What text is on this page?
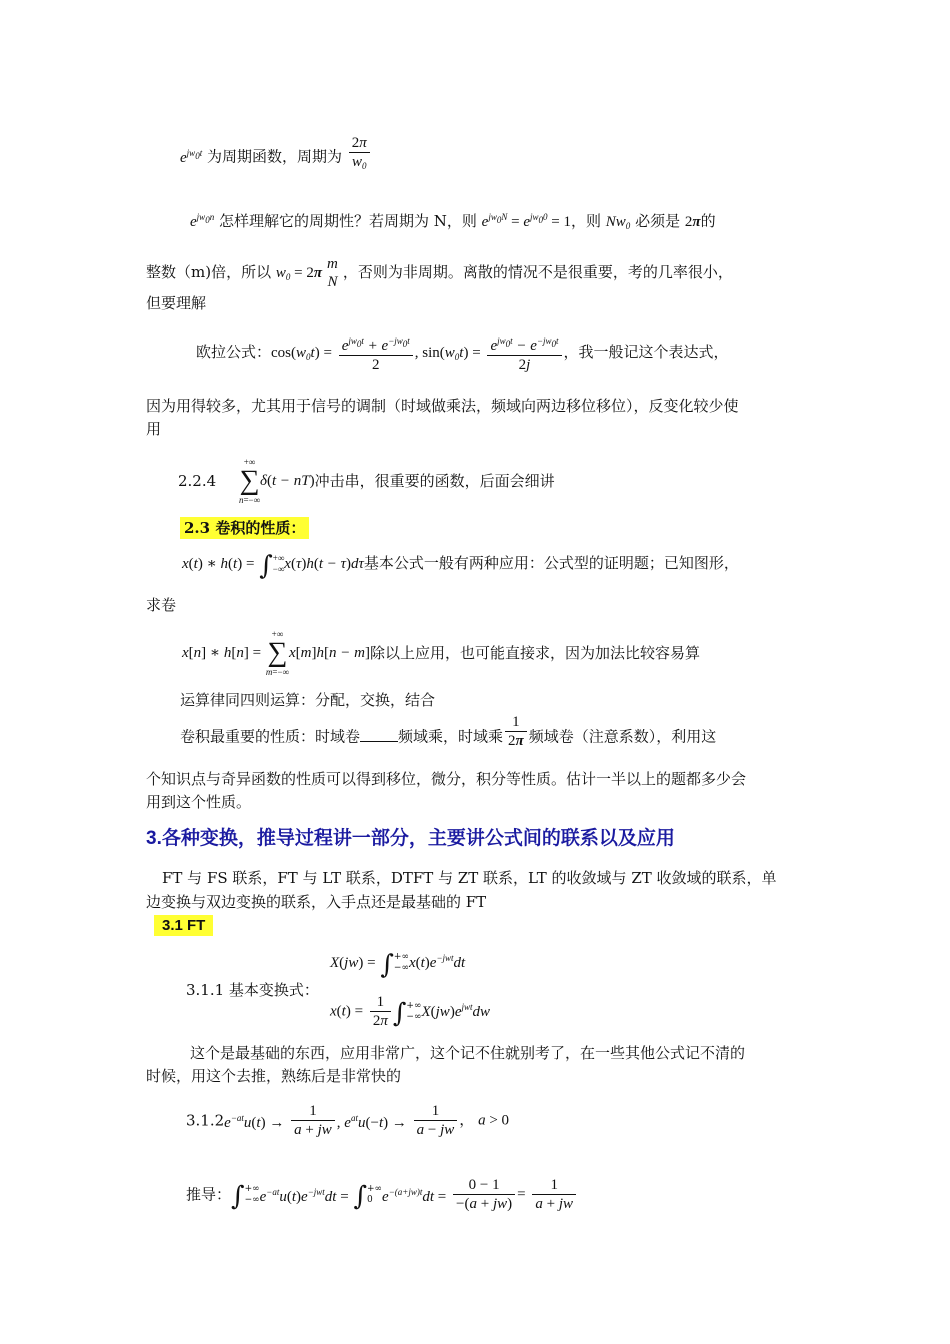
$e^{jw_0t}$ 为周期函数，周期为 $\frac{2\pi}{w_0}$
$e^{jw_0n}$ 怎样理解它的周期性？若周期为 N，则 $e^{jw_0N} = e^{jw_00} = 1$，则 $Nw_0$ 必须是 2π的
整数（m)倍，所以 $w_0 = 2\pi$
m
N
，否则为非周期。离散的情况不是很重要，考的几率很小，
但要理解
欧拉公式：$\cos(w_0t) = \frac{e^{jw_0t} + e^{-jw_0t}}{2}$ , $\sin(w_0t) = \frac{e^{jw_0t} - e^{-jw_0t}}{2j}$ ，我一般记这个表达式，
因为用得较多，尤其用于信号的调制（时域做乘法，频域向两边移位移位），反变化较少使
用
2.2.4
+∞
∑
n=−∞
δ(t − nT)冲击串，很重要的函数，后面会细讲
2.3 卷积的性质：
x(t) ∗ h(t) = ∫+∞
−∞x(τ)h(t − τ)dτ基本公式一般有两种应用：公式型的证明题；已知图形，
求卷
x[n] ∗ h[n] =
+∞
∑
m=−∞
x[m]h[n − m]除以上应用，也可能直接求，因为加法比较容易算
运算律同四则运算：分配，交换，结合
卷积最重要的性质：时域卷	频域乘，时域乘 $\frac{1}{2\pi}$ 频域卷（注意系数），利用这
个知识点与奇异函数的性质可以得到移位，微分，积分等性质。估计一半以上的题都多少会
用到这个性质。
3.各种变换，推导过程讲一部分，主要讲公式间的联系以及应用
FT 与 FS 联系，FT 与 LT 联系，DTFT 与 ZT 联系，LT 的收敛域与 ZT 收敛域的联系，单
边变换与双边变换的联系，入手点还是最基础的 FT
3.1 FT
X(jw) = ∫+∞
$-\infty x(t)e^{-jwt}dt$
3.1.1 基本变换式：
$x(t) = \frac{1}{2\pi}$ ∫+∞
$-\infty X(jw)e^{jwt}dw$
这个是最基础的东西，应用非常广，这个记不住就别考了，在一些其他公式记不清的
时候，用这个去推，熟练后是非常快的
$3.1.2e^{-at}u(t) \to \frac{1}{a + jw}$ , $e^{at}u(-t) \to \frac{1}{a - jw}$ ， a > 0
推导：∫+∞
$-\infty e^{-at}u(t)e^{-jwt}dt$ = ∫+∞
0 $e^{-(a+jw)t}dt = \frac{0 - 1}{-(a + jw)} = \frac{1}{a + jw}$
